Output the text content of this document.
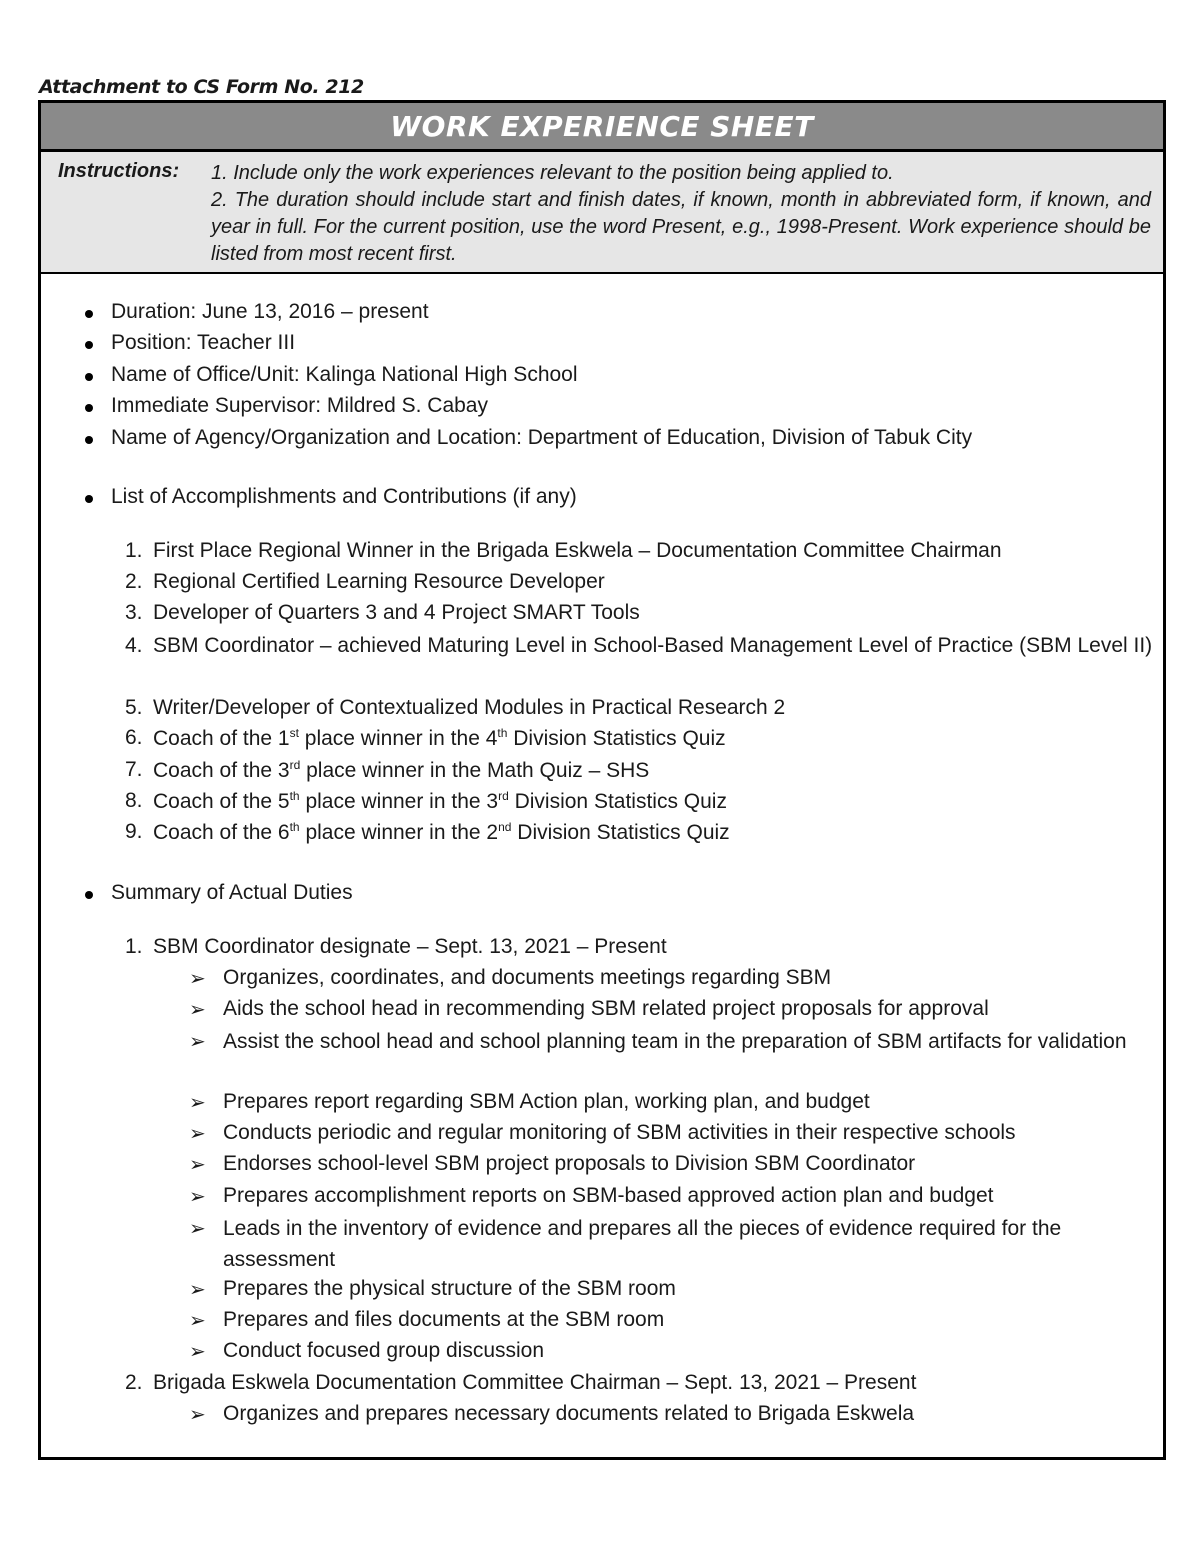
Attachment to CS Form No. 212
WORK EXPERIENCE SHEET
Instructions: 1. Include only the work experiences relevant to the position being applied to.
2. The duration should include start and finish dates, if known, month in abbreviated form, if known, and year in full. For the current position, use the word Present, e.g., 1998-Present. Work experience should be listed from most recent first.
Duration: June 13, 2016 – present
Position: Teacher III
Name of Office/Unit: Kalinga National High School
Immediate Supervisor: Mildred S. Cabay
Name of Agency/Organization and Location: Department of Education, Division of Tabuk City
List of Accomplishments and Contributions (if any)
1. First Place Regional Winner in the Brigada Eskwela – Documentation Committee Chairman
2. Regional Certified Learning Resource Developer
3. Developer of Quarters 3 and 4 Project SMART Tools
4. SBM Coordinator – achieved Maturing Level in School-Based Management Level of Practice (SBM Level II)
5. Writer/Developer of Contextualized Modules in Practical Research 2
6. Coach of the 1st place winner in the 4th Division Statistics Quiz
7. Coach of the 3rd place winner in the Math Quiz – SHS
8. Coach of the 5th place winner in the 3rd Division Statistics Quiz
9. Coach of the 6th place winner in the 2nd Division Statistics Quiz
Summary of Actual Duties
1. SBM Coordinator designate – Sept. 13, 2021 – Present
➢ Organizes, coordinates, and documents meetings regarding SBM
➢ Aids the school head in recommending SBM related project proposals for approval
➢ Assist the school head and school planning team in the preparation of SBM artifacts for validation
➢ Prepares report regarding SBM Action plan, working plan, and budget
➢ Conducts periodic and regular monitoring of SBM activities in their respective schools
➢ Endorses school-level SBM project proposals to Division SBM Coordinator
➢ Prepares accomplishment reports on SBM-based approved action plan and budget
➢ Leads in the inventory of evidence and prepares all the pieces of evidence required for the assessment
➢ Prepares the physical structure of the SBM room
➢ Prepares and files documents at the SBM room
➢ Conduct focused group discussion
2. Brigada Eskwela Documentation Committee Chairman – Sept. 13, 2021 – Present
➢ Organizes and prepares necessary documents related to Brigada Eskwela
